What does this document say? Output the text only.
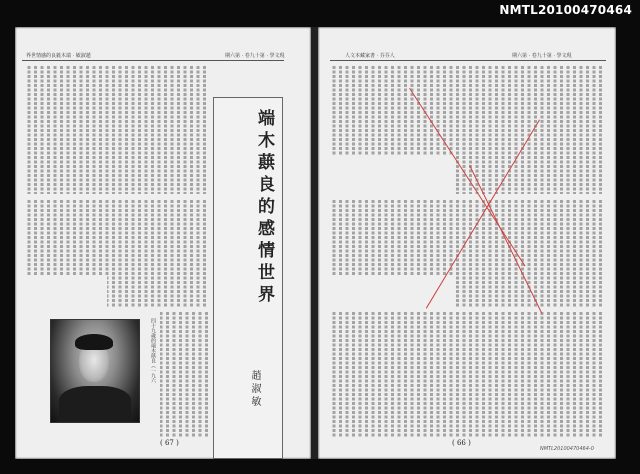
NMTL20100470464
期六第 · 卷九十第 · 學文現
界世情感的良蕤木端 · 敏淑趙
端木蕻良的感情世界
趙淑敏
四十九歲的端木蕻良（一九六
( 67 )
期六第 · 卷九十第 · 學文現
人文本藏家書 · 芬芬人
( 66 )
NMTL20100470464-0
